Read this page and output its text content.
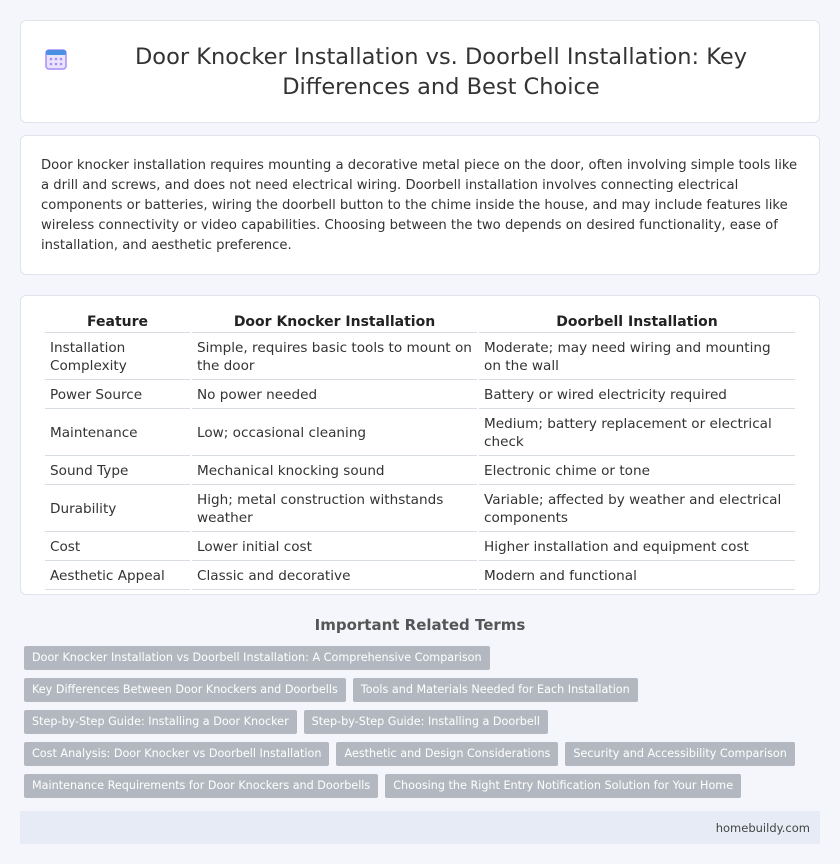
Door Knocker Installation vs. Doorbell Installation: Key Differences and Best Choice

Door knocker installation requires mounting a decorative metal piece on the door, often involving simple tools like a drill and screws, and does not need electrical wiring. Doorbell installation involves connecting electrical components or batteries, wiring the doorbell button to the chime inside the house, and may include features like wireless connectivity or video capabilities. Choosing between the two depends on desired functionality, ease of installation, and aesthetic preference.

Feature	Door Knocker Installation	Doorbell Installation
Installation Complexity	Simple, requires basic tools to mount on the door	Moderate; may need wiring and mounting on the wall
Power Source	No power needed	Battery or wired electricity required
Maintenance	Low; occasional cleaning	Medium; battery replacement or electrical check
Sound Type	Mechanical knocking sound	Electronic chime or tone
Durability	High; metal construction withstands weather	Variable; affected by weather and electrical components
Cost	Lower initial cost	Higher installation and equipment cost
Aesthetic Appeal	Classic and decorative	Modern and functional
Important Related Terms
Door Knocker Installation vs Doorbell Installation: A Comprehensive Comparison
Key Differences Between Door Knockers and Doorbells	Tools and Materials Needed for Each Installation
Step-by-Step Guide: Installing a Door Knocker	Step-by-Step Guide: Installing a Doorbell
Cost Analysis: Door Knocker vs Doorbell Installation	Aesthetic and Design Considerations	Security and Accessibility Comparison
Maintenance Requirements for Door Knockers and Doorbells	Choosing the Right Entry Notification Solution for Your Home
homebuildy.com
